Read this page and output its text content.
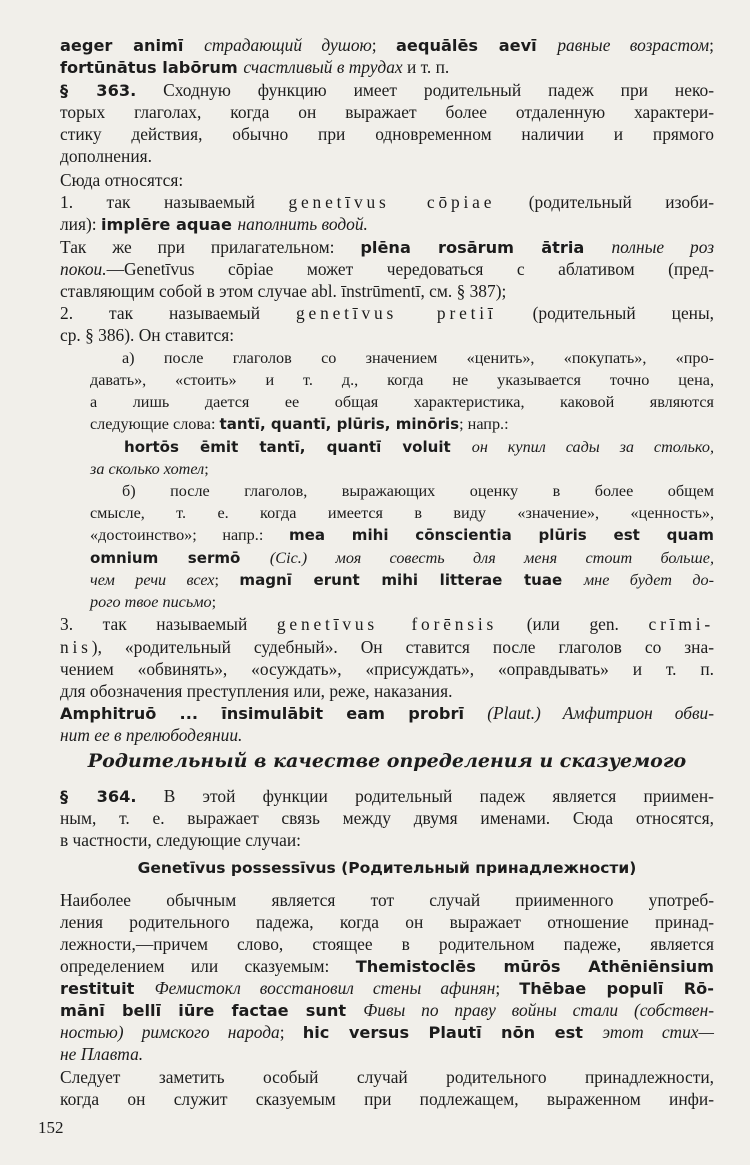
aeger animī страдающий душою; aequālēs aevī равные возрастом;
fortūnātus labōrum счастливый в трудах и т. п.
§ 363. Сходную функцию имеет родительный падеж при неко-
торых глаголах, когда он выражает более отдаленную характери-
стику действия, обычно при одновременном наличии и прямого
дополнения.
Сюда относятся:
1. так называемый genetīvus cōpiae (родительный изоби-
лия): implēre aquae наполнить водой.
Так же при прилагательном: plēna rosārum ātria полные роз
покои.—Genetīvus cōpiae может чередоваться с аблативом (пред-
ставляющим собой в этом случае abl. īnstrūmentī, см. § 387);
2. так называемый genetīvus pretiī (родительный цены,
ср. § 386). Он ставится:
а) после глаголов со значением «ценить», «покупать», «про-
давать», «стоить» и т. д., когда не указывается точно цена,
а лишь дается ее общая характеристика, каковой являются
следующие слова: tantī, quantī, plūris, minōris; напр.:
hortōs ēmit tantī, quantī voluit он купил сады за столько,
за сколько хотел;
б) после глаголов, выражающих оценку в более общем
смысле, т. е. когда имеется в виду «значение», «ценность»,
«достоинство»; напр.: mea mihi cōnscientia plūris est quam
omnium sermō (Cic.) моя совесть для меня стоит больше,
чем речи всех; magnī erunt mihi litterae tuae мне будет до-
рого твое письмо;
3. так называемый genetīvus forēnsis (или gen. crīmi-
nis), «родительный судебный». Он ставится после глаголов со зна-
чением «обвинять», «осуждать», «присуждать», «оправдывать» и т. п.
для обозначения преступления или, реже, наказания.
Amphitruō ... īnsimulābit eam probrī (Plaut.) Амфитрион обви-
нит ее в прелюбодеянии.
§ 364. В этой функции родительный падеж является приимен-
ным, т. е. выражает связь между двумя именами. Сюда относятся,
в частности, следующие случаи:
Наиболее обычным является тот случай приименного употреб-
ления родительного падежа, когда он выражает отношение принад-
лежности,—причем слово, стоящее в родительном падеже, является
определением или сказуемым: Themistoclēs mūrōs Athēniēnsium
restituit Фемистокл восстановил стены афинян; Thēbae populī Rō-
mānī bellī iūre factae sunt Фивы по праву войны стали (собствен-
ностью) римского народа; hic versus Plautī nōn est этот стих—
не Плавта.
Следует заметить особый случай родительного принадлежности,
когда он служит сказуемым при подлежащем, выраженном инфи-
Родительный в качестве определения и сказуемого
Genetīvus possessīvus (Родительный принадлежности)
152
